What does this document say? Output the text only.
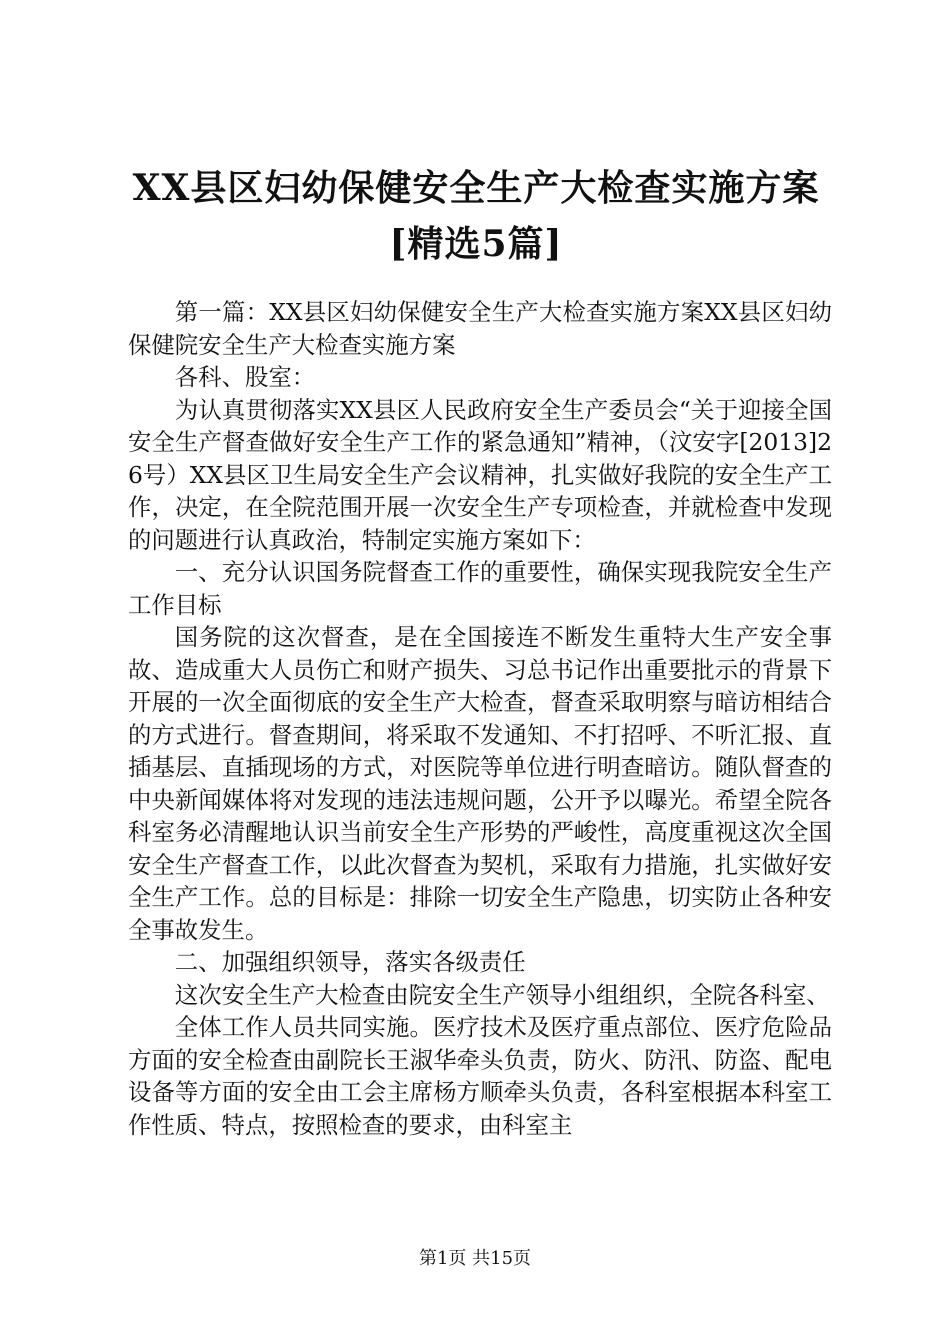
XX县区妇幼保健安全生产大检查实施方案[精选5篇]

第一篇：XX县区妇幼保健安全生产大检查实施方案XX县区妇幼保健院安全生产大检查实施方案

各科、股室：

为认真贯彻落实XX县区人民政府安全生产委员会“关于迎接全国安全生产督查做好安全生产工作的紧急通知”精神，（汶安字[2013]26号）XX县区卫生局安全生产会议精神，扎实做好我院的安全生产工作，决定，在全院范围开展一次安全生产专项检查，并就检查中发现的问题进行认真政治，特制定实施方案如下：

一、充分认识国务院督查工作的重要性，确保实现我院安全生产工作目标

国务院的这次督查，是在全国接连不断发生重特大生产安全事故、造成重大人员伤亡和财产损失、习总书记作出重要批示的背景下开展的一次全面彻底的安全生产大检查，督查采取明察与暗访相结合的方式进行。督查期间，将采取不发通知、不打招呼、不听汇报、直插基层、直插现场的方式，对医院等单位进行明查暗访。随队督查的中央新闻媒体将对发现的违法违规问题，公开予以曝光。希望全院各科室务必清醒地认识当前安全生产形势的严峻性，高度重视这次全国安全生产督查工作，以此次督查为契机，采取有力措施，扎实做好安全生产工作。总的目标是：排除一切安全生产隐患，切实防止各种安全事故发生。

二、加强组织领导，落实各级责任

这次安全生产大检查由院安全生产领导小组组织，全院各科室、

全体工作人员共同实施。医疗技术及医疗重点部位、医疗危险品方面的安全检查由副院长王淑华牵头负责，防火、防汛、防盗、配电设备等方面的安全由工会主席杨方顺牵头负责，各科室根据本科室工作性质、特点，按照检查的要求，由科室主

第1页 共15页
